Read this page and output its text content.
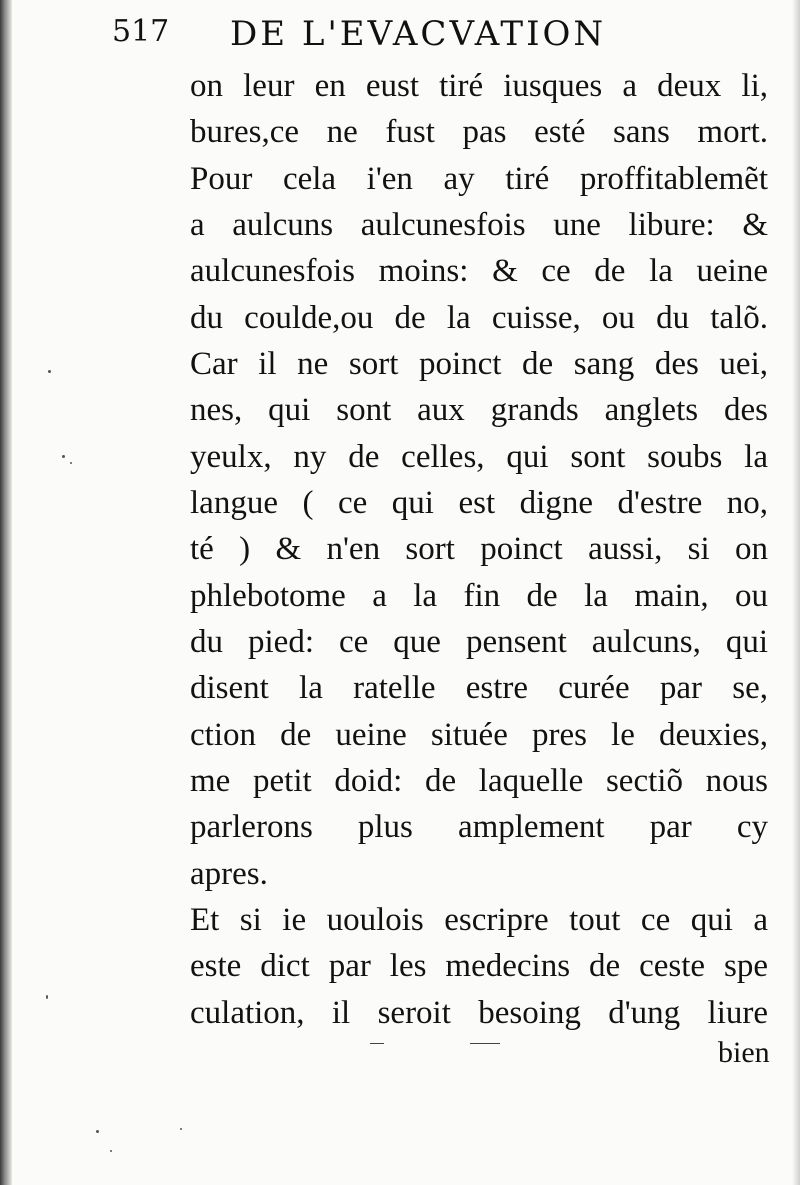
517 DE L'EVACVATION
on leur en eust tiré iusques a deux li,
bures,ce ne fust pas esté sans mort.
Pour cela i'en ay tiré proffitablemẽt
a aulcuns aulcunesfois une libure: &
aulcunesfois moins: & ce de la ueine
du coulde,ou de la cuisse, ou du talõ.
Car il ne sort poinct de sang des uei,
nes, qui sont aux grands anglets des
yeulx, ny de celles, qui sont soubs la
langue ( ce qui est digne d'estre no,
té ) & n'en sort poinct aussi, si on
phlebotome a la fin de la main, ou
du pied: ce que pensent aulcuns, qui
disent la ratelle estre curée par se,
ction de ueine située pres le deuxies,
me petit doid: de laquelle sectiõ nous
parlerons plus amplement par cy
apres.
Et si ie uoulois escripre tout ce qui a
este dict par les medecins de ceste spe
culation, il seroit besoing d'ung liure
bien
